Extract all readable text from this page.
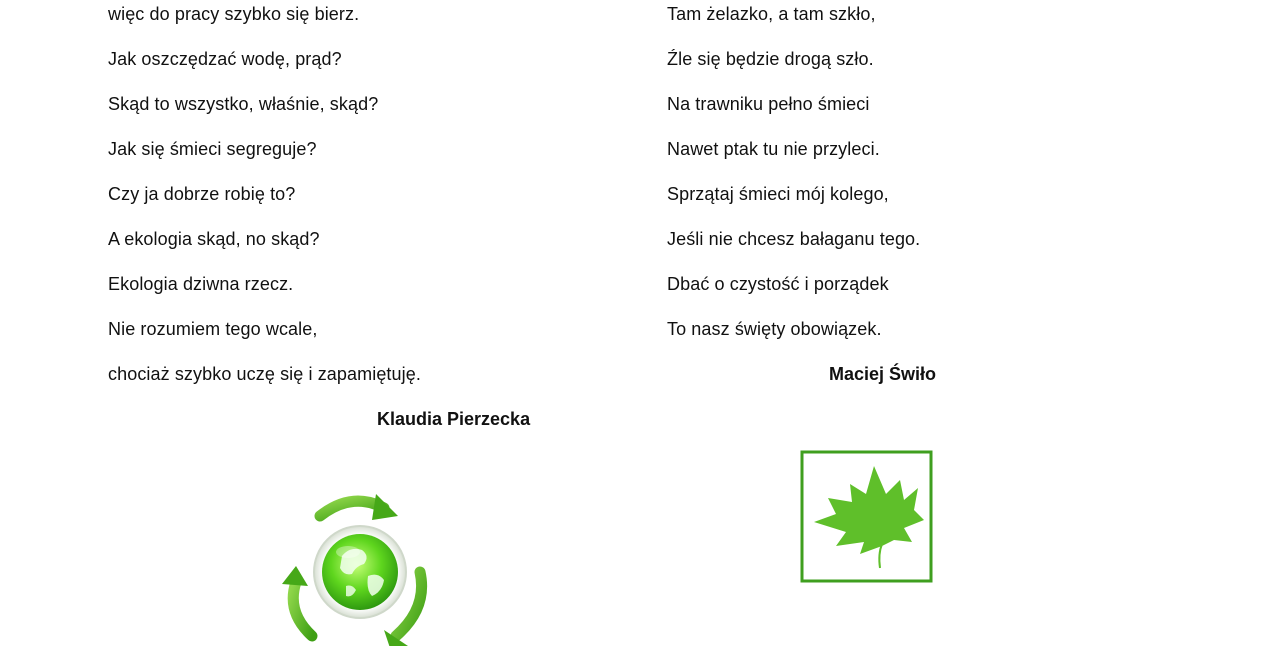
więc do pracy szybko się bierz.
Jak oszczędzać wodę, prąd?
Skąd to wszystko, właśnie, skąd?
Jak się śmieci segreguje?
Czy ja dobrze robię to?
A ekologia skąd, no skąd?
Ekologia dziwna rzecz.
Nie rozumiem tego wcale,
chociaż szybko uczę się i zapamiętuję.
Klaudia Pierzecka
Tam żelazko, a tam szkło,
Źle się będzie drogą szło.
Na trawniku pełno śmieci
Nawet ptak tu nie przyleci.
Sprzątaj śmieci mój kolego,
Jeśli nie chcesz bałaganu tego.
Dbać o czystość i porządek
To nasz święty obowiązek.
Maciej Świło
